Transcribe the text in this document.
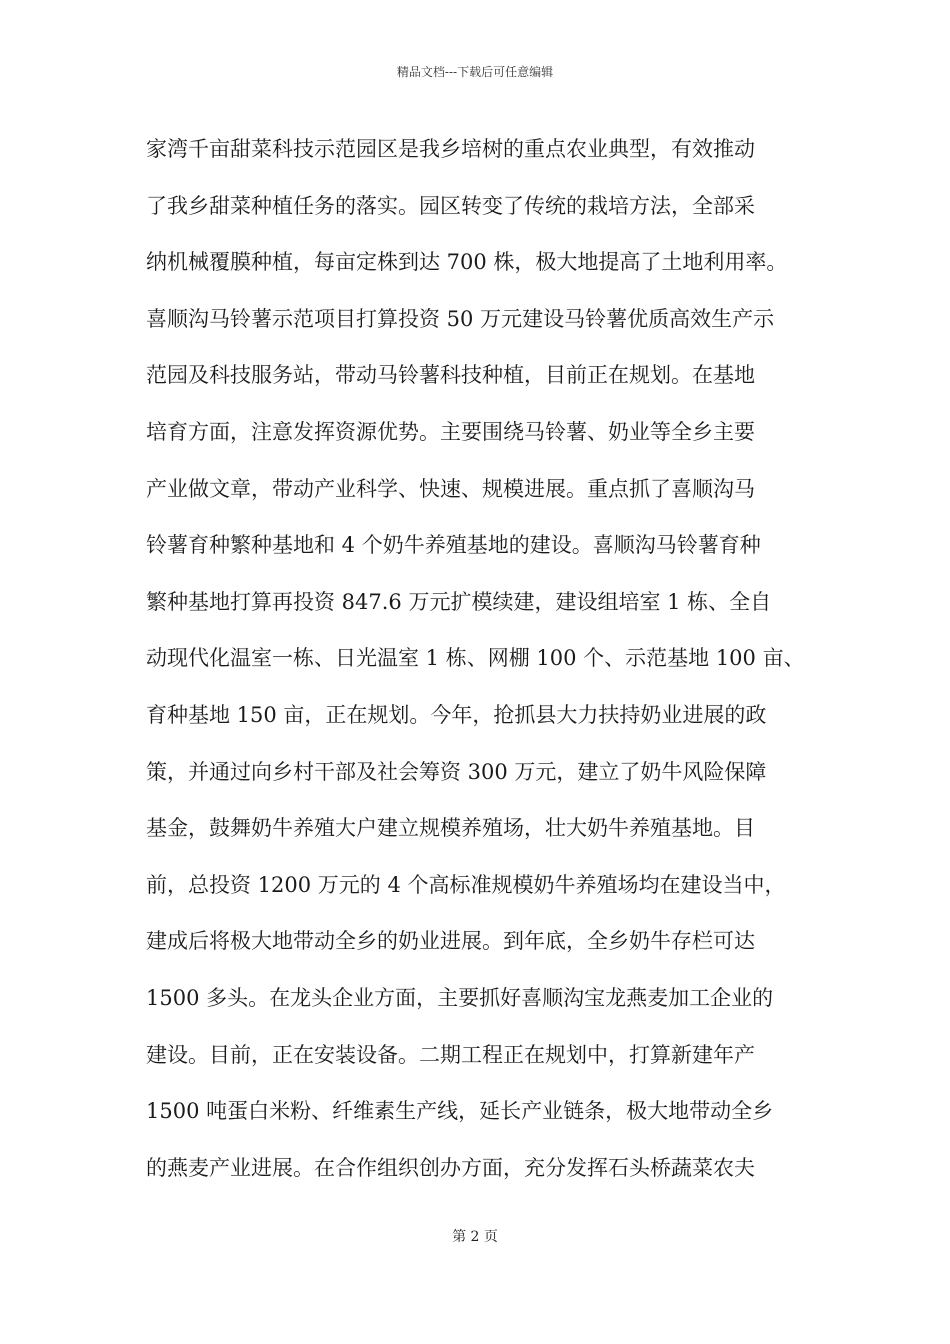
精品文档---下载后可任意编辑
家湾千亩甜菜科技示范园区是我乡培树的重点农业典型，有效推动
了我乡甜菜种植任务的落实。园区转变了传统的栽培方法，全部采
纳机械覆膜种植，每亩定株到达 700 株，极大地提高了土地利用率。
喜顺沟马铃薯示范项目打算投资 50 万元建设马铃薯优质高效生产示
范园及科技服务站，带动马铃薯科技种植，目前正在规划。在基地
培育方面，注意发挥资源优势。主要围绕马铃薯、奶业等全乡主要
产业做文章，带动产业科学、快速、规模进展。重点抓了喜顺沟马
铃薯育种繁种基地和 4 个奶牛养殖基地的建设。喜顺沟马铃薯育种
繁种基地打算再投资 847.6 万元扩模续建，建设组培室 1 栋、全自
动现代化温室一栋、日光温室 1 栋、网棚 100 个、示范基地 100 亩、
育种基地 150 亩，正在规划。今年，抢抓县大力扶持奶业进展的政
策，并通过向乡村干部及社会筹资 300 万元，建立了奶牛风险保障
基金，鼓舞奶牛养殖大户建立规模养殖场，壮大奶牛养殖基地。目
前，总投资 1200 万元的 4 个高标准规模奶牛养殖场均在建设当中，
建成后将极大地带动全乡的奶业进展。到年底，全乡奶牛存栏可达
1500 多头。在龙头企业方面，主要抓好喜顺沟宝龙燕麦加工企业的
建设。目前，正在安装设备。二期工程正在规划中，打算新建年产
1500 吨蛋白米粉、纤维素生产线，延长产业链条，极大地带动全乡
的燕麦产业进展。在合作组织创办方面，充分发挥石头桥蔬菜农夫
第 2 页
